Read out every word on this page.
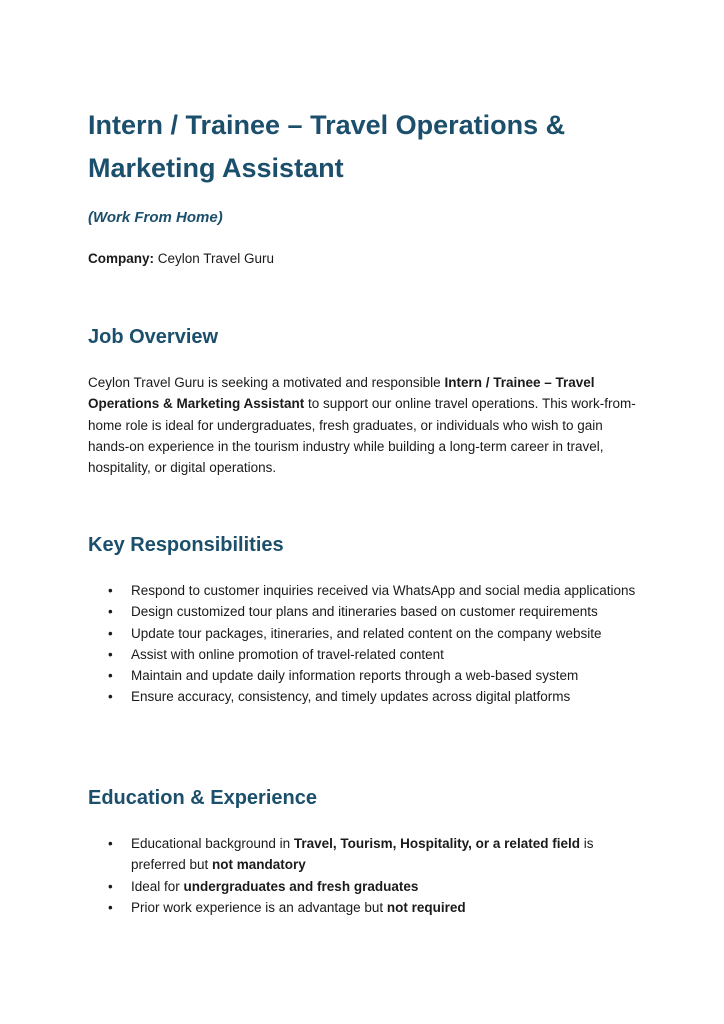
Intern / Trainee – Travel Operations & Marketing Assistant

(Work From Home)

Company: Ceylon Travel Guru

Job Overview

Ceylon Travel Guru is seeking a motivated and responsible Intern / Trainee – Travel Operations & Marketing Assistant to support our online travel operations. This work-from-home role is ideal for undergraduates, fresh graduates, or individuals who wish to gain hands-on experience in the tourism industry while building a long-term career in travel, hospitality, or digital operations.

Key Responsibilities
• Respond to customer inquiries received via WhatsApp and social media applications
• Design customized tour plans and itineraries based on customer requirements
• Update tour packages, itineraries, and related content on the company website
• Assist with online promotion of travel-related content
• Maintain and update daily information reports through a web-based system
• Ensure accuracy, consistency, and timely updates across digital platforms
Education & Experience
• Educational background in Travel, Tourism, Hospitality, or a related field is preferred but not mandatory
• Ideal for undergraduates and fresh graduates
• Prior work experience is an advantage but not required
